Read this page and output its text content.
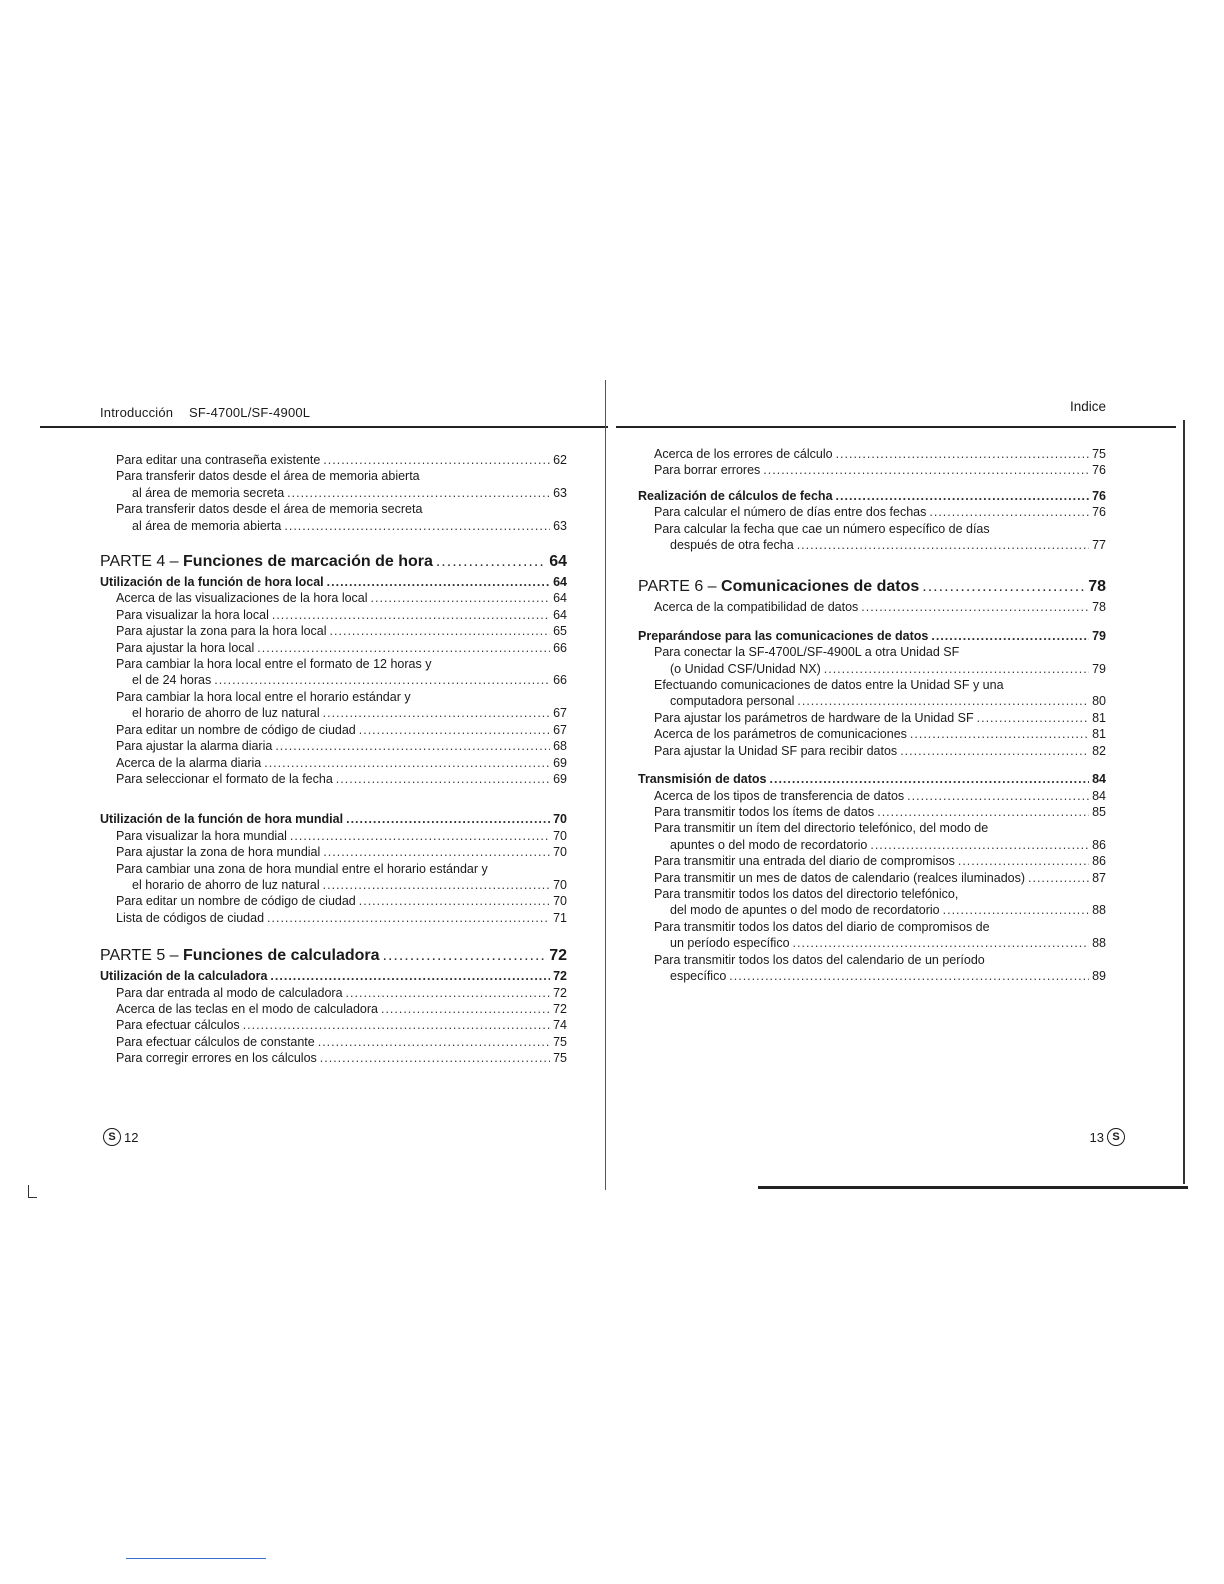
Introducción SF-4700L/SF-4900L
Para editar una contraseña existente .....	62
Para transferir datos desde el área de memoria abierta
al área de memoria secreta .....	63
Para transferir datos desde el área de memoria secreta
al área de memoria abierta .....	63
PARTE 4 – Funciones de marcación de hora .....	64
Utilización de la función de hora local .....	64
Acerca de las visualizaciones de la hora local .....	64
Para visualizar la hora local .....	64
Para ajustar la zona para la hora local .....	65
Para ajustar la hora local .....	66
Para cambiar la hora local entre el formato de 12 horas y
el de 24 horas .....	66
Para cambiar la hora local entre el horario estándar y
el horario de ahorro de luz natural .....	67
Para editar un nombre de código de ciudad .....	67
Para ajustar la alarma diaria .....	68
Acerca de la alarma diaria .....	69
Para seleccionar el formato de la fecha .....	69
Utilización de la función de hora mundial .....	70
Para visualizar la hora mundial .....	70
Para ajustar la zona de hora mundial .....	70
Para cambiar una zona de hora mundial entre el horario estándar y
el horario de ahorro de luz natural .....	70
Para editar un nombre de código de ciudad .....	70
Lista de códigos de ciudad .....	71
PARTE 5 – Funciones de calculadora .....	72
Utilización de la calculadora .....	72
Para dar entrada al modo de calculadora .....	72
Acerca de las teclas en el modo de calculadora .....	72
Para efectuar cálculos .....	74
Para efectuar cálculos de constante .....	75
Para corregir errores en los cálculos .....	75
S 12
Indice
Acerca de los errores de cálculo .....	75
Para borrar errores .....	76
Realización de cálculos de fecha .....	76
Para calcular el número de días entre dos fechas .....	76
Para calcular la fecha que cae un número específico de días
después de otra fecha .....	77
PARTE 6 – Comunicaciones de datos .....	78
Acerca de la compatibilidad de datos .....	78
Preparándose para las comunicaciones de datos .....	79
Para conectar la SF-4700L/SF-4900L a otra Unidad SF
(o Unidad CSF/Unidad NX) .....	79
Efectuando comunicaciones de datos entre la Unidad SF y una
computadora personal .....	80
Para ajustar los parámetros de hardware de la Unidad SF .....	81
Acerca de los parámetros de comunicaciones .....	81
Para ajustar la Unidad SF para recibir datos .....	82
Transmisión de datos .....	84
Acerca de los tipos de transferencia de datos .....	84
Para transmitir todos los ítems de datos .....	85
Para transmitir un ítem del directorio telefónico, del modo de
apuntes o del modo de recordatorio .....	86
Para transmitir una entrada del diario de compromisos .....	86
Para transmitir un mes de datos de calendario (realces iluminados) .....	87
Para transmitir todos los datos del directorio telefónico,
del modo de apuntes o del modo de recordatorio .....	88
Para transmitir todos los datos del diario de compromisos de
un período específico .....	88
Para transmitir todos los datos del calendario de un período
específico .....	89
13 S
